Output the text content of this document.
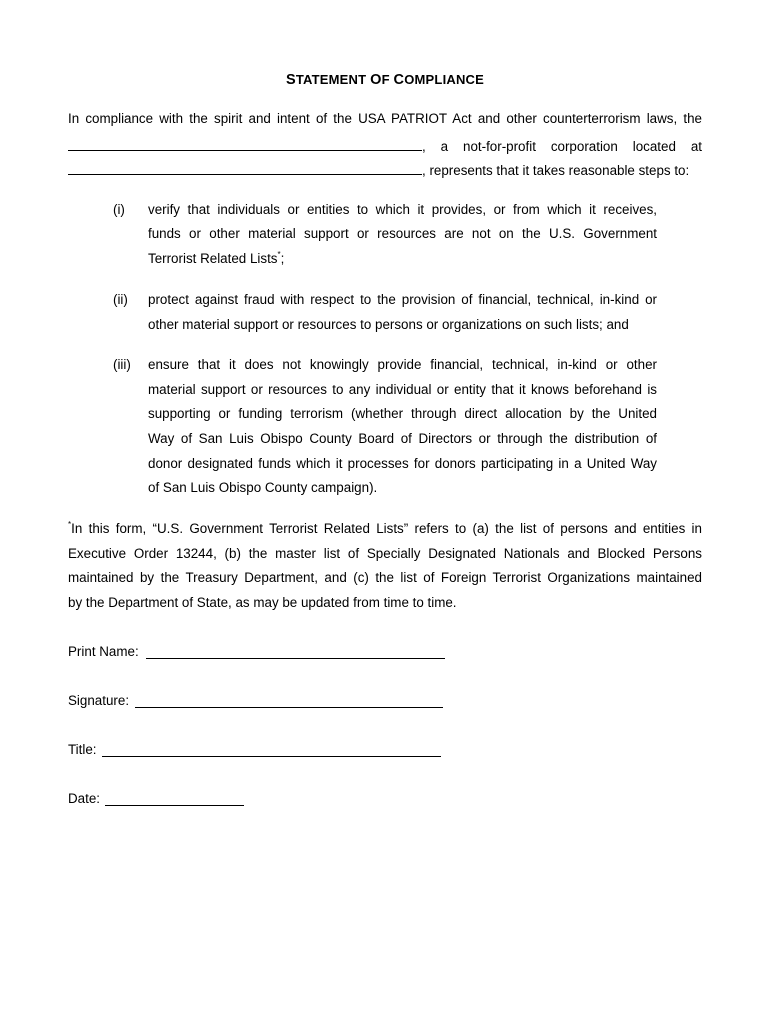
STATEMENT OF COMPLIANCE
In compliance with the spirit and intent of the USA PATRIOT Act and other counterterrorism laws, the
,  a  not-for-profit  corporation  located  at
, represents that it takes reasonable steps to:
(i) verify that individuals or entities to which it provides, or from which it receives,
funds or other material support or resources are not on the U.S. Government
Terrorist Related Lists*;
(ii) protect against fraud with respect to the provision of financial, technical, in-kind or
other material support or resources to persons or organizations on such lists; and
(iii) ensure that it does not knowingly provide financial, technical, in-kind or other
material support or resources to any individual or entity that it knows beforehand is
supporting or funding terrorism (whether through direct allocation by the United
Way of San Luis Obispo County Board of Directors or through the distribution of
donor designated funds which it processes for donors participating in a United Way
of San Luis Obispo County campaign).
*In this form, “U.S. Government Terrorist Related Lists” refers to (a) the list of persons and entities in
Executive Order 13244, (b) the master list of Specially Designated Nationals and Blocked Persons
maintained by the Treasury Department, and (c) the list of Foreign Terrorist Organizations maintained
by the Department of State, as may be updated from time to time.
Print Name:
Signature:
Title:
Date:
